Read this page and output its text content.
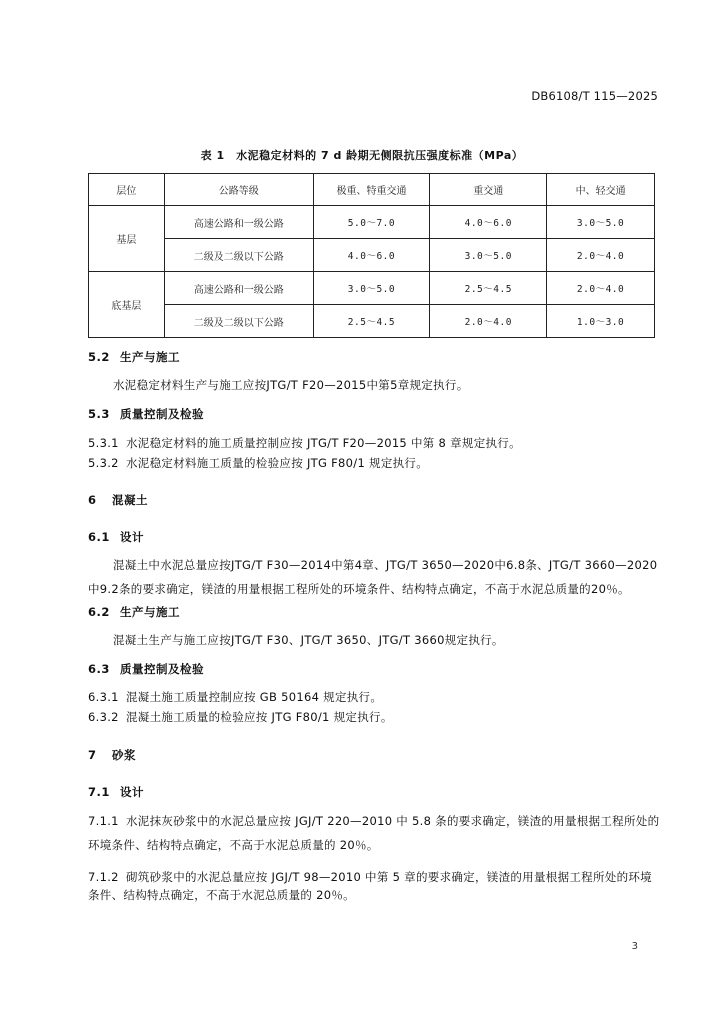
DB6108/T 115—2025
表 1　水泥稳定材料的 7 d 龄期无侧限抗压强度标准（MPa）
层位	公路等级	极重、特重交通	重交通	中、轻交通
基层	高速公路和一级公路	5.0～7.0	4.0～6.0	3.0～5.0
	二级及二级以下公路	4.0～6.0	3.0～5.0	2.0～4.0
底基层	高速公路和一级公路	3.0～5.0	2.5～4.5	2.0～4.0
	二级及二级以下公路	2.5～4.5	2.0～4.0	1.0～3.0
5.2 生产与施工
水泥稳定材料生产与施工应按JTG/T F20—2015中第5章规定执行。
5.3 质量控制及检验
5.3.1 水泥稳定材料的施工质量控制应按 JTG/T F20—2015 中第 8 章规定执行。
5.3.2 水泥稳定材料施工质量的检验应按 JTG F80/1 规定执行。
6 混凝土
6.1 设计
混凝土中水泥总量应按JTG/T F30—2014中第4章、JTG/T 3650—2020中6.8条、JTG/T 3660—2020中9.2条的要求确定，镁渣的用量根据工程所处的环境条件、结构特点确定，不高于水泥总质量的20％。
6.2 生产与施工
混凝土生产与施工应按JTG/T F30、JTG/T 3650、JTG/T 3660规定执行。
6.3 质量控制及检验
6.3.1 混凝土施工质量控制应按 GB 50164 规定执行。
6.3.2 混凝土施工质量的检验应按 JTG F80/1 规定执行。
7 砂浆
7.1 设计
7.1.1 水泥抹灰砂浆中的水泥总量应按 JGJ/T 220—2010 中 5.8 条的要求确定，镁渣的用量根据工程所处的环境条件、结构特点确定，不高于水泥总质量的 20％。
7.1.2 砌筑砂浆中的水泥总量应按 JGJ/T 98—2010 中第 5 章的要求确定，镁渣的用量根据工程所处的环境条件、结构特点确定，不高于水泥总质量的 20％。
3
